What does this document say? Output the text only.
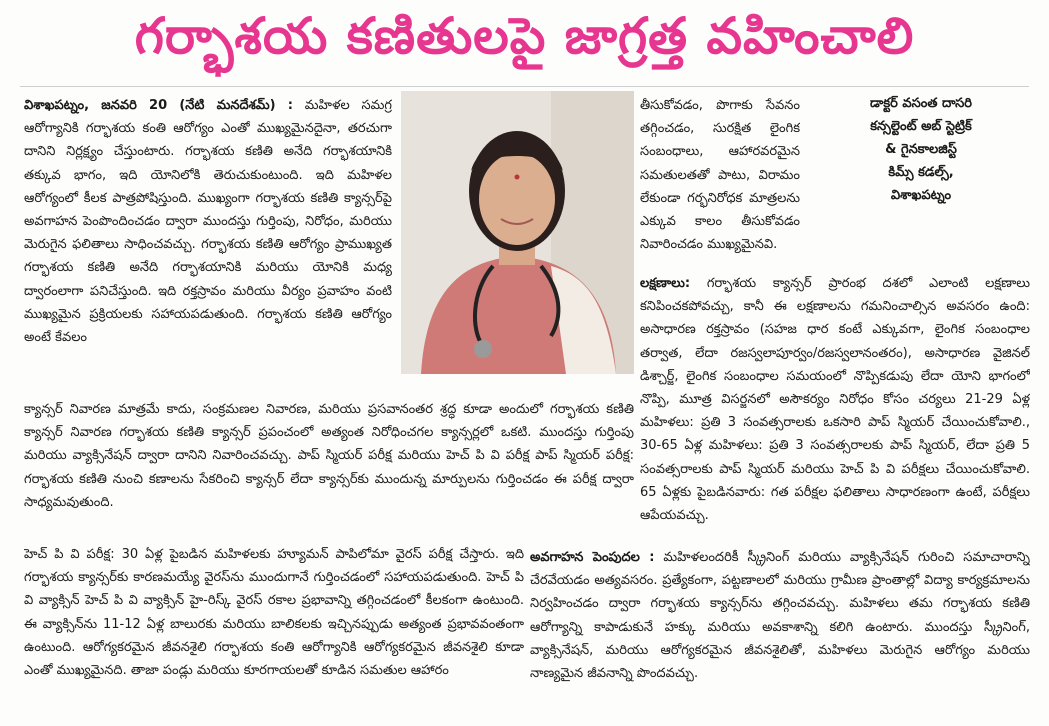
గర్భాశయ కణితులపై జాగ్రత్త వహించాలి

విశాఖపట్నం, జనవరి 20 (నేటి మనదేశమ్) : మహిళల సమగ్ర ఆరోగ్యానికి గర్భాశయ కంతి ఆరోగ్యం ఎంతో ముఖ్యమైనదైనా, తరచుగా దానిని నిర్లక్ష్యం చేస్తుంటారు. గర్భాశయ కణితి అనేది గర్భాశయానికి తక్కువ భాగం, ఇది యోనిలోకి తెరుచుకుంటుంది. ఇది మహిళల ఆరోగ్యంలో కీలక పాత్రపోషిస్తుంది. ముఖ్యంగా గర్భాశయ కణితి క్యాన్సర్‌పై అవగాహన పెంపొందించడం ద్వారా ముందస్తు గుర్తింపు, నిరోధం, మరియు మెరుగైన ఫలితాలు సాధించవచ్చు. గర్భాశయ కణితి ఆరోగ్యం ప్రాముఖ్యత గర్భాశయ కణితి అనేది గర్భాశయానికి మరియు యోనికి మధ్య ద్వారంలాగా పనిచేస్తుంది. ఇది రక్తస్రావం మరియు వీర్యం ప్రవాహం వంటి ముఖ్యమైన ప్రక్రియలకు సహాయపడుతుంది. గర్భాశయ కణితి ఆరోగ్యం అంటే కేవలం

క్యాన్సర్ నివారణ మాత్రమే కాదు, సంక్రమణల నివారణ, మరియు ప్రసవానంతర శ్రద్ధ కూడా అందులో గర్భాశయ కణితి క్యాన్సర్ నివారణ గర్భాశయ కణితి క్యాన్సర్ ప్రపంచంలో అత్యంత నిరోధించగల క్యాన్సర్లలో ఒకటి. ముందస్తు గుర్తింపు మరియు వ్యాక్సినేషన్ ద్వారా దానిని నివారించవచ్చు. పాప్ స్మియర్ పరీక్ష మరియు హెచ్ పి వి పరీక్ష పాప్ స్మియర్ పరీక్ష: గర్భాశయ కణితి నుంచి కణాలను సేకరించి క్యాన్సర్ లేదా క్యాన్సర్‌కు ముందున్న మార్పులను గుర్తించడం ఈ పరీక్ష ద్వారా సాధ్యమవుతుంది.

హెచ్ పి వి పరీక్ష: 30 ఏళ్ల పైబడిన మహిళలకు హ్యూమన్ పాపిలోమా వైరస్ పరీక్ష చేస్తారు. ఇది గర్భాశయ క్యాన్సర్‌కు కారణమయ్యే వైరస్‌ను ముందుగానే గుర్తించడంలో సహాయపడుతుంది. హెచ్ పి వి వ్యాక్సిన్ హెచ్ పి వి వ్యాక్సిన్ హై-రిస్క్ వైరస్ రకాల ప్రభావాన్ని తగ్గించడంలో కీలకంగా ఉంటుంది. ఈ వ్యాక్సిన్‌ను 11-12 ఏళ్ల బాలురకు మరియు బాలికలకు ఇచ్చినప్పుడు అత్యంత ప్రభావవంతంగా ఉంటుంది. ఆరోగ్యకరమైన జీవనశైలి గర్భాశయ కంతి ఆరోగ్యానికి ఆరోగ్యకరమైన జీవనశైలి కూడా ఎంతో ముఖ్యమైనది. తాజా పండ్లు మరియు కూరగాయలతో కూడిన సమతుల ఆహారం

తీసుకోవడం, పొగాకు సేవనం తగ్గించడం, సురక్షిత లైంగిక సంబంధాలు, ఆహారవరమైన సమతులతతో పాటు, విరామం లేకుండా గర్భనిరోధక మాత్రలను ఎక్కువ కాలం తీసుకోవడం నివారించడం ముఖ్యమైనవి.

డాక్టర్ వసంత దాసరి
కన్సల్టెంట్ అబ్ స్టెట్రిక్
& గైనకాలజిస్ట్
కిమ్స్ కడల్స్,
విశాఖపట్నం

లక్షణాలు: గర్భాశయ క్యాన్సర్ ప్రారంభ దశలో ఎలాంటి లక్షణాలు కనిపించకపోవచ్చు, కానీ ఈ లక్షణాలను గమనించాల్సిన అవసరం ఉంది: అసాధారణ రక్తస్రావం (సహజ ధార కంటే ఎక్కువగా, లైంగిక సంబంధాల తర్వాత, లేదా రజస్వలాపూర్వం/రజస్వలానంతరం), అసాధారణ వైజినల్ డిశ్చార్జ్, లైంగిక సంబంధాల సమయంలో నొప్పికడుపు లేదా యోని భాగంలో నొప్పి, మూత్ర విసర్జనలో అసౌకర్యం నిరోధం కోసం చర్యలు 21-29 ఏళ్ల మహిళలు: ప్రతి 3 సంవత్సరాలకు ఒకసారి పాప్ స్మియర్ చేయించుకోవాలి., 30-65 ఏళ్ల మహిళలు: ప్రతి 3 సంవత్సరాలకు పాప్ స్మియర్, లేదా ప్రతి 5 సంవత్సరాలకు పాప్ స్మియర్ మరియు హెచ్ పి వి పరీక్షలు చేయించుకోవాలి. 65 ఏళ్లకు పైబడినవారు: గత పరీక్షల ఫలితాలు సాధారణంగా ఉంటే, పరీక్షలు ఆపేయవచ్చు.

అవగాహన పెంపుదల : మహిళలందరికీ స్క్రీనింగ్ మరియు వ్యాక్సినేషన్ గురించి సమాచారాన్ని చేరవేయడం అత్యవసరం. ప్రత్యేకంగా, పట్టణాలలో మరియు గ్రామీణ ప్రాంతాల్లో విద్యా కార్యక్రమాలను నిర్వహించడం ద్వారా గర్భాశయ క్యాన్సర్‌ను తగ్గించవచ్చు. మహిళలు తమ గర్భాశయ కణితి ఆరోగ్యాన్ని కాపాడుకునే హక్కు మరియు అవకాశాన్ని కలిగి ఉంటారు. ముందస్తు స్క్రీనింగ్, వ్యాక్సినేషన్, మరియు ఆరోగ్యకరమైన జీవనశైలితో, మహిళలు మెరుగైన ఆరోగ్యం మరియు నాణ్యమైన జీవనాన్ని పొందవచ్చు.
